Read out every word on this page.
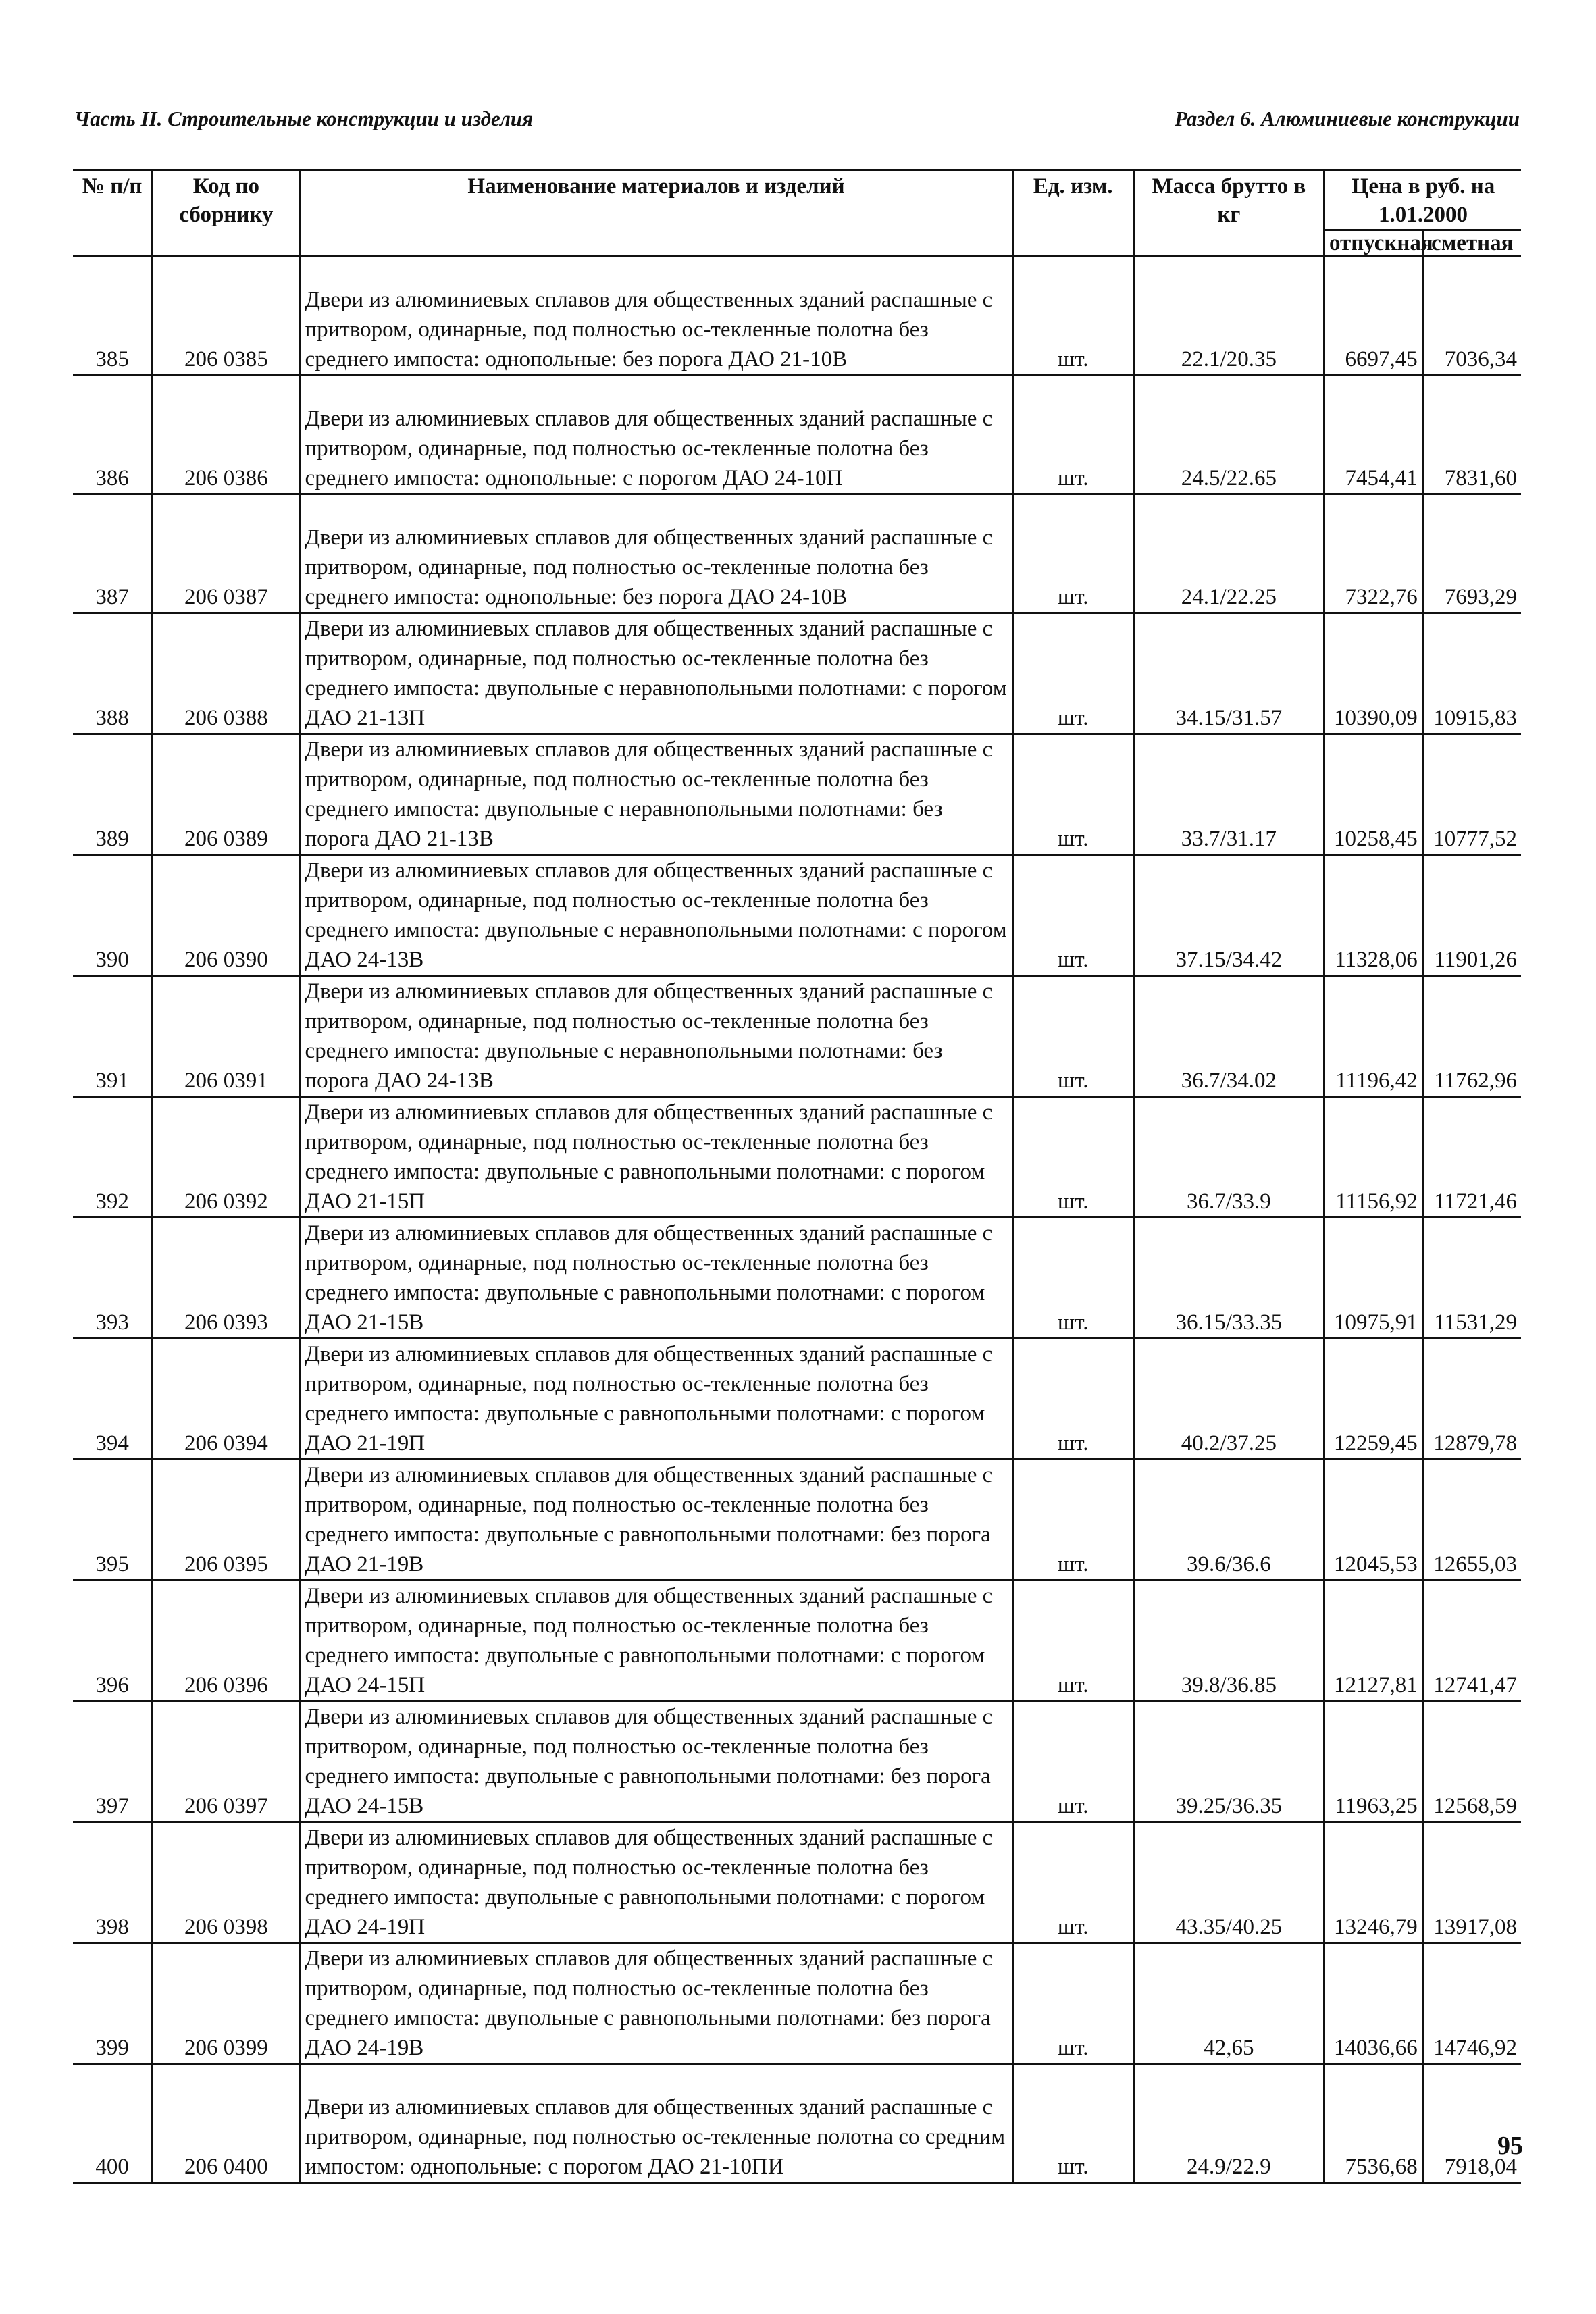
Часть II. Строительные конструкции и изделия	Раздел 6. Алюминиевые конструкции
№ п/п	Код по сборнику	Наименование материалов и изделий	Ед. изм.	Масса брутто в кг	Цена в руб. на 1.01.2000	
					отпускная	сметная
385	206 0385	Двери из алюминиевых сплавов для общественных зданий распашные с притвором, одинарные, под полностью ос-текленные полотна без среднего импоста: однопольные: без порога ДАО 21-10В	шт.	22.1/20.35	6697,45	7036,34
386	206 0386	Двери из алюминиевых сплавов для общественных зданий распашные с притвором, одинарные, под полностью ос-текленные полотна без среднего импоста: однопольные: с порогом ДАО 24-10П	шт.	24.5/22.65	7454,41	7831,60
387	206 0387	Двери из алюминиевых сплавов для общественных зданий распашные с притвором, одинарные, под полностью ос-текленные полотна без среднего импоста: однопольные: без порога ДАО 24-10В	шт.	24.1/22.25	7322,76	7693,29
388	206 0388	Двери из алюминиевых сплавов для общественных зданий распашные с притвором, одинарные, под полностью ос-текленные полотна без среднего импоста: двупольные с неравнопольными полотнами: с порогом ДАО 21-13П	шт.	34.15/31.57	10390,09	10915,83
389	206 0389	Двери из алюминиевых сплавов для общественных зданий распашные с притвором, одинарные, под полностью ос-текленные полотна без среднего импоста: двупольные с неравнопольными полотнами: без порога ДАО 21-13В	шт.	33.7/31.17	10258,45	10777,52
390	206 0390	Двери из алюминиевых сплавов для общественных зданий распашные с притвором, одинарные, под полностью ос-текленные полотна без среднего импоста: двупольные с неравнопольными полотнами: с порогом ДАО 24-13В	шт.	37.15/34.42	11328,06	11901,26
391	206 0391	Двери из алюминиевых сплавов для общественных зданий распашные с притвором, одинарные, под полностью ос-текленные полотна без среднего импоста: двупольные с неравнопольными полотнами: без порога ДАО 24-13В	шт.	36.7/34.02	11196,42	11762,96
392	206 0392	Двери из алюминиевых сплавов для общественных зданий распашные с притвором, одинарные, под полностью ос-текленные полотна без среднего импоста: двупольные с равнопольными полотнами: с порогом ДАО 21-15П	шт.	36.7/33.9	11156,92	11721,46
393	206 0393	Двери из алюминиевых сплавов для общественных зданий распашные с притвором, одинарные, под полностью ос-текленные полотна без среднего импоста: двупольные с равнопольными полотнами: с порогом ДАО 21-15В	шт.	36.15/33.35	10975,91	11531,29
394	206 0394	Двери из алюминиевых сплавов для общественных зданий распашные с притвором, одинарные, под полностью ос-текленные полотна без среднего импоста: двупольные с равнопольными полотнами: с порогом ДАО 21-19П	шт.	40.2/37.25	12259,45	12879,78
395	206 0395	Двери из алюминиевых сплавов для общественных зданий распашные с притвором, одинарные, под полностью ос-текленные полотна без среднего импоста: двупольные с равнопольными полотнами: без порога ДАО 21-19В	шт.	39.6/36.6	12045,53	12655,03
396	206 0396	Двери из алюминиевых сплавов для общественных зданий распашные с притвором, одинарные, под полностью ос-текленные полотна без среднего импоста: двупольные с равнопольными полотнами: с порогом ДАО 24-15П	шт.	39.8/36.85	12127,81	12741,47
397	206 0397	Двери из алюминиевых сплавов для общественных зданий распашные с притвором, одинарные, под полностью ос-текленные полотна без среднего импоста: двупольные с равнопольными полотнами: без порога ДАО 24-15В	шт.	39.25/36.35	11963,25	12568,59
398	206 0398	Двери из алюминиевых сплавов для общественных зданий распашные с притвором, одинарные, под полностью ос-текленные полотна без среднего импоста: двупольные с равнопольными полотнами: с порогом ДАО 24-19П	шт.	43.35/40.25	13246,79	13917,08
399	206 0399	Двери из алюминиевых сплавов для общественных зданий распашные с притвором, одинарные, под полностью ос-текленные полотна без среднего импоста: двупольные с равнопольными полотнами: без порога ДАО 24-19В	шт.	42,65	14036,66	14746,92
400	206 0400	Двери из алюминиевых сплавов для общественных зданий распашные с притвором, одинарные, под полностью ос-текленные полотна со средним импостом: однопольные: с порогом ДАО 21-10ПИ	шт.	24.9/22.9	7536,68	7918,04
95
